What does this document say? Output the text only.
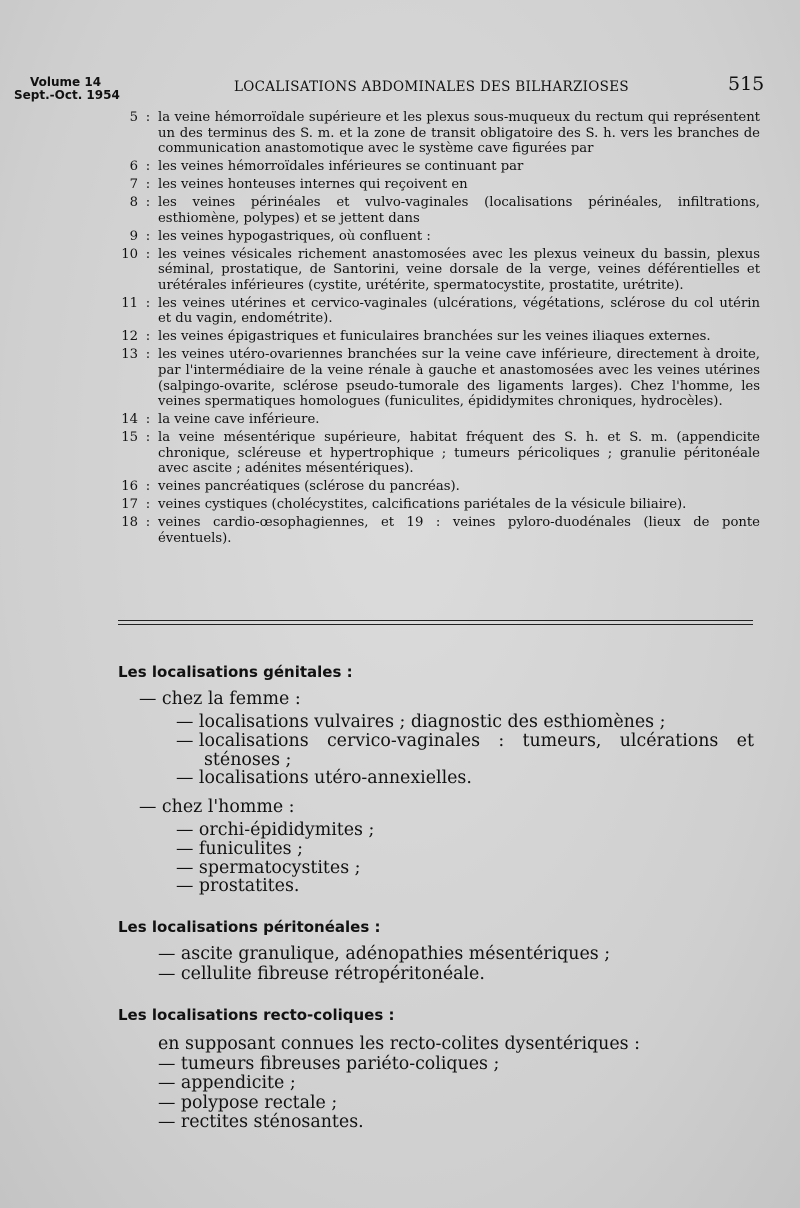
Volume 14
Sept.-Oct. 1954	LOCALISATIONS ABDOMINALES DES BILHARZIOSES	515
5 : la veine hémorroïdale supérieure et les plexus sous-muqueux du rectum qui représentent un des terminus des S. m. et la zone de transit obligatoire des S. h. vers les branches de communication anastomotique avec le système cave figurées par
6 : les veines hémorroïdales inférieures se continuant par
7 : les veines honteuses internes qui reçoivent en
8 : les veines périnéales et vulvo-vaginales (localisations périnéales, infiltrations, esthiomène, polypes) et se jettent dans
9 : les veines hypogastriques, où confluent :
10 : les veines vésicales richement anastomosées avec les plexus veineux du bassin, plexus séminal, prostatique, de Santorini, veine dorsale de la verge, veines déférentielles et urétérales inférieures (cystite, urétérite, spermatocystite, prostatite, urétrite).
11 : les veines utérines et cervico-vaginales (ulcérations, végétations, sclérose du col utérin et du vagin, endométrite).
12 : les veines épigastriques et funiculaires branchées sur les veines iliaques externes.
13 : les veines utéro-ovariennes branchées sur la veine cave inférieure, directement à droite, par l'intermédiaire de la veine rénale à gauche et anastomosées avec les veines utérines (salpingo-ovarite, sclérose pseudo-tumorale des ligaments larges). Chez l'homme, les veines spermatiques homologues (funiculites, épididymites chroniques, hydrocèles).
14 : la veine cave inférieure.
15 : la veine mésentérique supérieure, habitat fréquent des S. h. et S. m. (appendicite chronique, scléreuse et hypertrophique ; tumeurs péricoliques ; granulie péritonéale avec ascite ; adénites mésentériques).
16 : veines pancréatiques (sclérose du pancréas).
17 : veines cystiques (cholécystites, calcifications pariétales de la vésicule biliaire).
18 : veines cardio-œsophagiennes, et 19 : veines pyloro-duodénales (lieux de ponte éventuels).
Les localisations génitales :
— chez la femme :
— localisations vulvaires ; diagnostic des esthiomènes ;
— localisations cervico-vaginales : tumeurs, ulcérations et
sténoses ;
— localisations utéro-annexielles.
— chez l'homme :
— orchi-épididymites ;
— funiculites ;
— spermatocystites ;
— prostatites.
Les localisations péritonéales :
— ascite granulique, adénopathies mésentériques ;
— cellulite fibreuse rétropéritonéale.
Les localisations recto-coliques :
en supposant connues les recto-colites dysentériques :
— tumeurs fibreuses pariéto-coliques ;
— appendicite ;
— polypose rectale ;
— rectites sténosantes.
